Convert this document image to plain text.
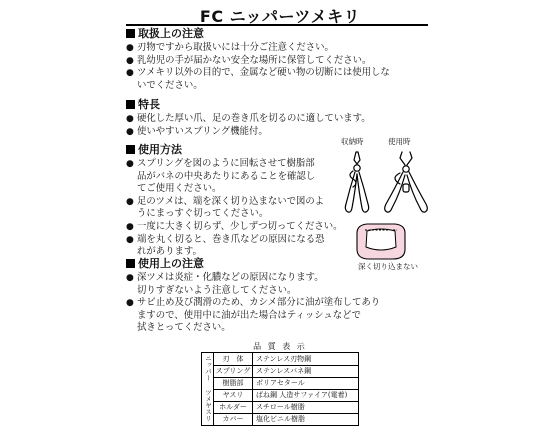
FC ニッパーツメキリ
取扱上の注意
● 刃物ですから取扱いには十分ご注意ください。
● 乳幼児の手が届かない安全な場所に保管してください。
● ツメキリ以外の目的で、金属など硬い物の切断には使用しな
いでください。
特長
● 硬化した厚い爪、足の巻き爪を切るのに適しています。
● 使いやすいスプリング機能付。
使用方法
● スプリングを図のように回転させて樹脂部
品がバネの中央あたりにあることを確認し
てご使用ください。
● 足のツメは、端を深く切り込まないで図のよ
うにまっすぐ切ってください。
● 一度に大きく切らず、少しずつ切ってください。
● 端を丸く切ると、巻き爪などの原因になる恐
れがあります。
収納時	使用時
深く切り込まない
使用上の注意
● 深ツメは炎症・化膿などの原因になります。
切りすぎないよう注意してください。
● サビ止め及び潤滑のため、カシメ部分に油が塗布してあり
ますので、使用中に油が出た場合はティッシュなどで
拭きとってください。
品 質 表 示
ニッパー
ツメヤスリ
刃　体	ステンレス刃物鋼
スプリング ステンレスバネ鋼
樹脂部	ポリアセタール
ヤスリ	ばね鋼 人造サファイア(電着)
ホルダー	スチロール樹脂
カバー	塩化ビニル樹脂
